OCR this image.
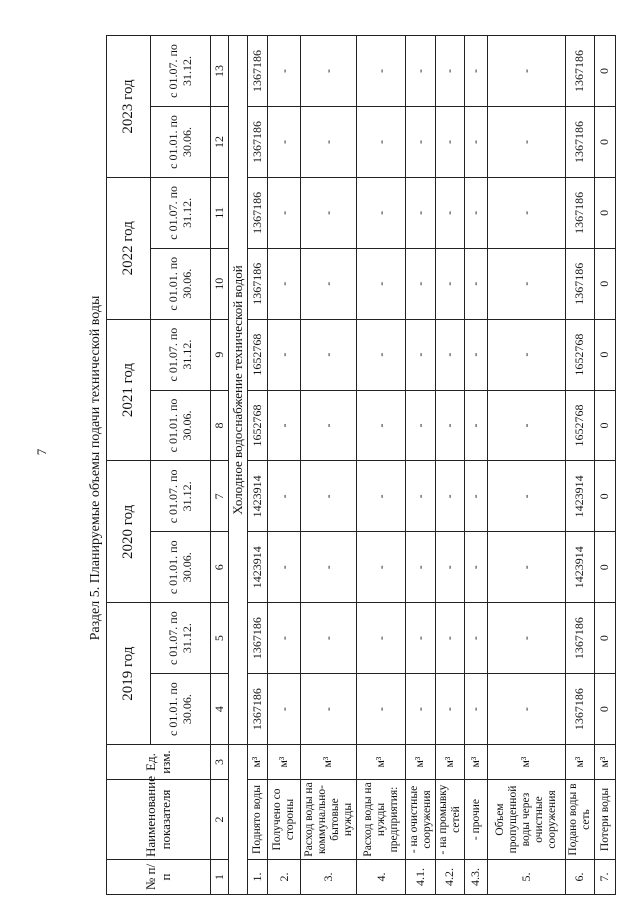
7	Раздел 5. Планируемые объемы подачи технической воды
№ п/п	Наименование показателя	Ед. изм.	2019 год		2020 год		2021 год		2022 год		2023 год	
			с 01.01. по 30.06.	с 01.07. по 31.12.	с 01.01. по 30.06.	с 01.07. по 31.12.	с 01.01. по 30.06.	с 01.07. по 31.12.	с 01.01. по 30.06.	с 01.07. по 31.12.	с 01.01. по 30.06.	с 01.07. по 31.12.
1	2	3	4	5	6	7	8	9	10	11	12	13
			Холодное водоснабжение технической водой									
1.	Поднято воды	м³	1367186	1367186	1423914	1423914	1652768	1652768	1367186	1367186	1367186	1367186
2.	Получено со стороны	м³	-	-	-	-	-	-	-	-	-	-
3.	Расход воды на коммунально-бытовые нужды	м³	-	-	-	-	-	-	-	-	-	-
4.	Расход воды на нужды предприятия:	м³	-	-	-	-	-	-	-	-	-	-
4.1.	- на очистные сооружения	м³	-	-	-	-	-	-	-	-	-	-
4.2.	- на промывку сетей	м³	-	-	-	-	-	-	-	-	-	-
4.3.	- прочие	м³	-	-	-	-	-	-	-	-	-	-
5.	Объем пропущенной воды через очистные сооружения	м³	-	-	-	-	-	-	-	-	-	-
6.	Подано воды в сеть	м³	1367186	1367186	1423914	1423914	1652768	1652768	1367186	1367186	1367186	1367186
7.	Потери воды	м³	0	0	0	0	0	0	0	0	0	0
